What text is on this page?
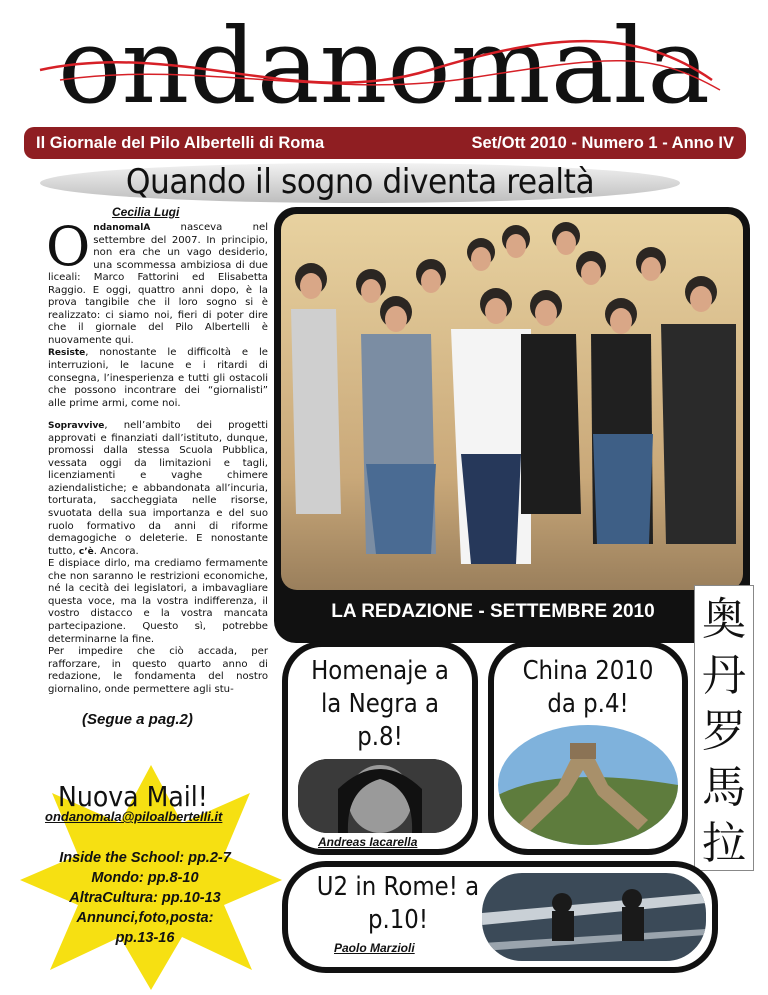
ondanomala
Il Giornale del Pilo Albertelli di Roma	Set/Ott 2010 - Numero 1 - Anno IV
Quando il sogno diventa realtà
Cecilia Lugi

OndanomalA nasceva nel settembre del 2007. In principio, non era che un vago desiderio, una scommessa ambiziosa di due liceali: Marco Fattorini ed Elisabetta Raggio. E oggi, quattro anni dopo, è la prova tangibile che il loro sogno si è realizzato: ci siamo noi, fieri di poter dire che il giornale del Pilo Albertelli è nuovamente qui.

Resiste, nonostante le difficoltà e le interruzioni, le lacune e i ritardi di consegna, l’inesperienza e tutti gli ostacoli che possono incontrare dei “giornalisti” alle prime armi, come noi.

Sopravvive, nell’ambito dei progetti approvati e finanziati dall’istituto, dunque, promossi dalla stessa Scuola Pubblica, vessata oggi da limitazioni e tagli, licenziamenti e vaghe chimere aziendalistiche; e abbandonata all’incuria, torturata, saccheggiata nelle risorse, svuotata della sua importanza e del suo ruolo formativo da anni di riforme demagogiche o deleterie. E nonostante tutto, c’è. Ancora.

E dispiace dirlo, ma crediamo fermamente che non saranno le restrizioni economiche, né la cecità dei legislatori, a imbavagliare questa voce, ma la vostra indifferenza, il vostro distacco e la vostra mancata partecipazione. Questo sì, potrebbe determinarne la fine.

Per impedire che ciò accada, per rafforzare, in questo quarto anno di redazione, le fondamenta del nostro giornalino, onde permettere agli stu-

(Segue a pag.2)
LA REDAZIONE - SETTEMBRE 2010	奥
丹
罗
馬
拉
Homenaje a la Negra a p.8!
Andreas Iacarella
China 2010 da p.4!
U2 in Rome! a p.10!
Paolo Marzioli
Nuova Mail!
ondanomala@piloalbertelli.it
Inside the School: pp.2-7
Mondo: pp.8-10
AltraCultura: pp.10-13
Annunci,foto,posta:
pp.13-16
